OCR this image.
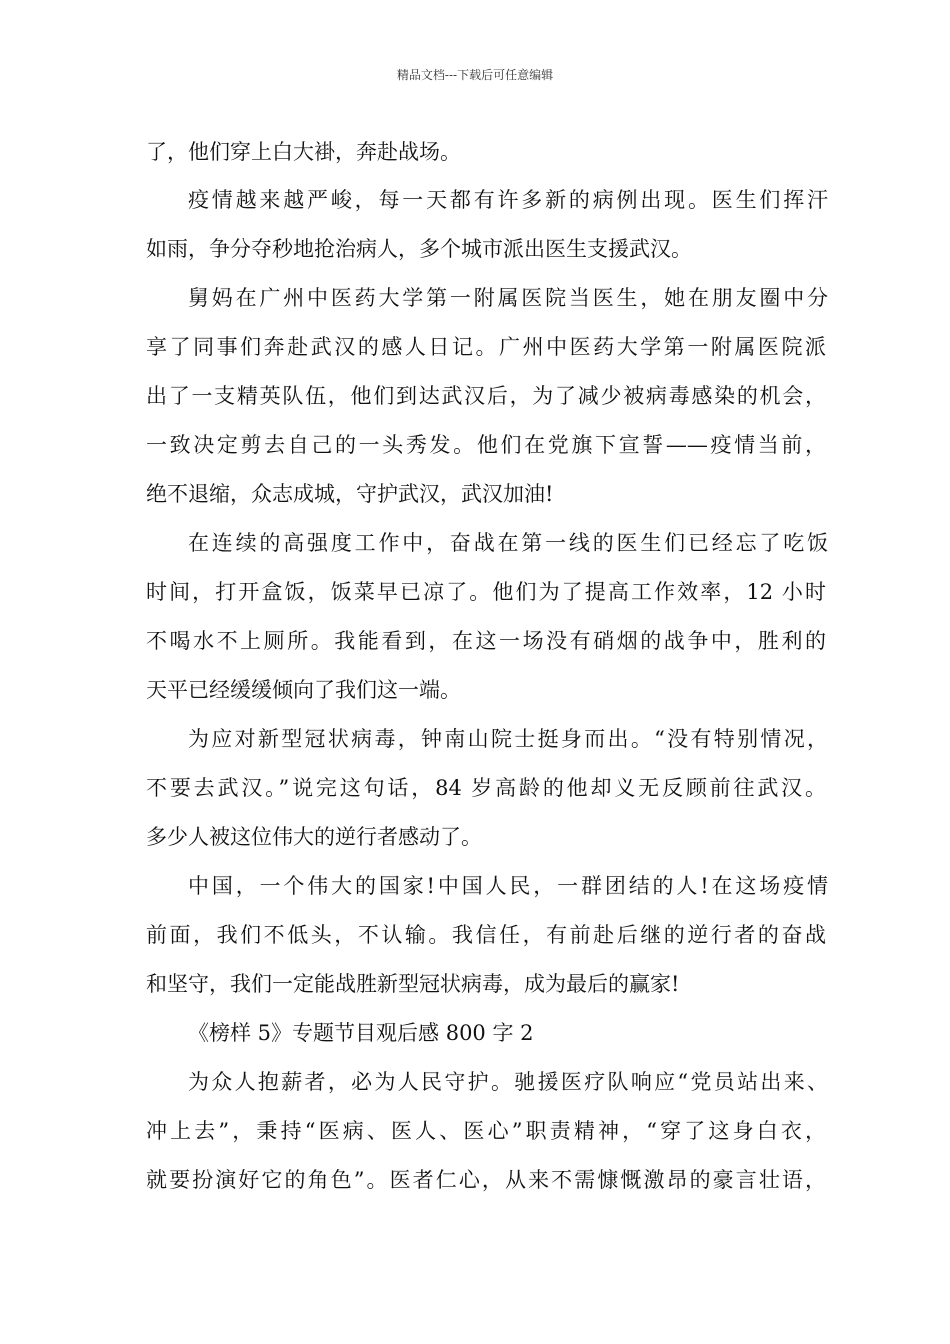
精品文档---下载后可任意编辑
了，他们穿上白大褂，奔赴战场。
疫情越来越严峻，每一天都有许多新的病例出现。医生们挥汗
如雨，争分夺秒地抢治病人，多个城市派出医生支援武汉。
舅妈在广州中医药大学第一附属医院当医生，她在朋友圈中分
享了同事们奔赴武汉的感人日记。广州中医药大学第一附属医院派
出了一支精英队伍，他们到达武汉后，为了减少被病毒感染的机会，
一致决定剪去自己的一头秀发。他们在党旗下宣誓——疫情当前，
绝不退缩，众志成城，守护武汉，武汉加油!
在连续的高强度工作中，奋战在第一线的医生们已经忘了吃饭
时间，打开盒饭，饭菜早已凉了。他们为了提高工作效率，12 小时
不喝水不上厕所。我能看到，在这一场没有硝烟的战争中，胜利的
天平已经缓缓倾向了我们这一端。
为应对新型冠状病毒，钟南山院士挺身而出。“没有特别情况，
不要去武汉。”说完这句话，84 岁高龄的他却义无反顾前往武汉。
多少人被这位伟大的逆行者感动了。
中国，一个伟大的国家!中国人民，一群团结的人!在这场疫情
前面，我们不低头，不认输。我信任，有前赴后继的逆行者的奋战
和坚守，我们一定能战胜新型冠状病毒，成为最后的赢家!
《榜样 5》专题节目观后感 800 字 2
为众人抱薪者，必为人民守护。驰援医疗队响应“党员站出来、
冲上去”，秉持“医病、医人、医心”职责精神，“穿了这身白衣，
就要扮演好它的角色”。医者仁心，从来不需慷慨激昂的豪言壮语，
